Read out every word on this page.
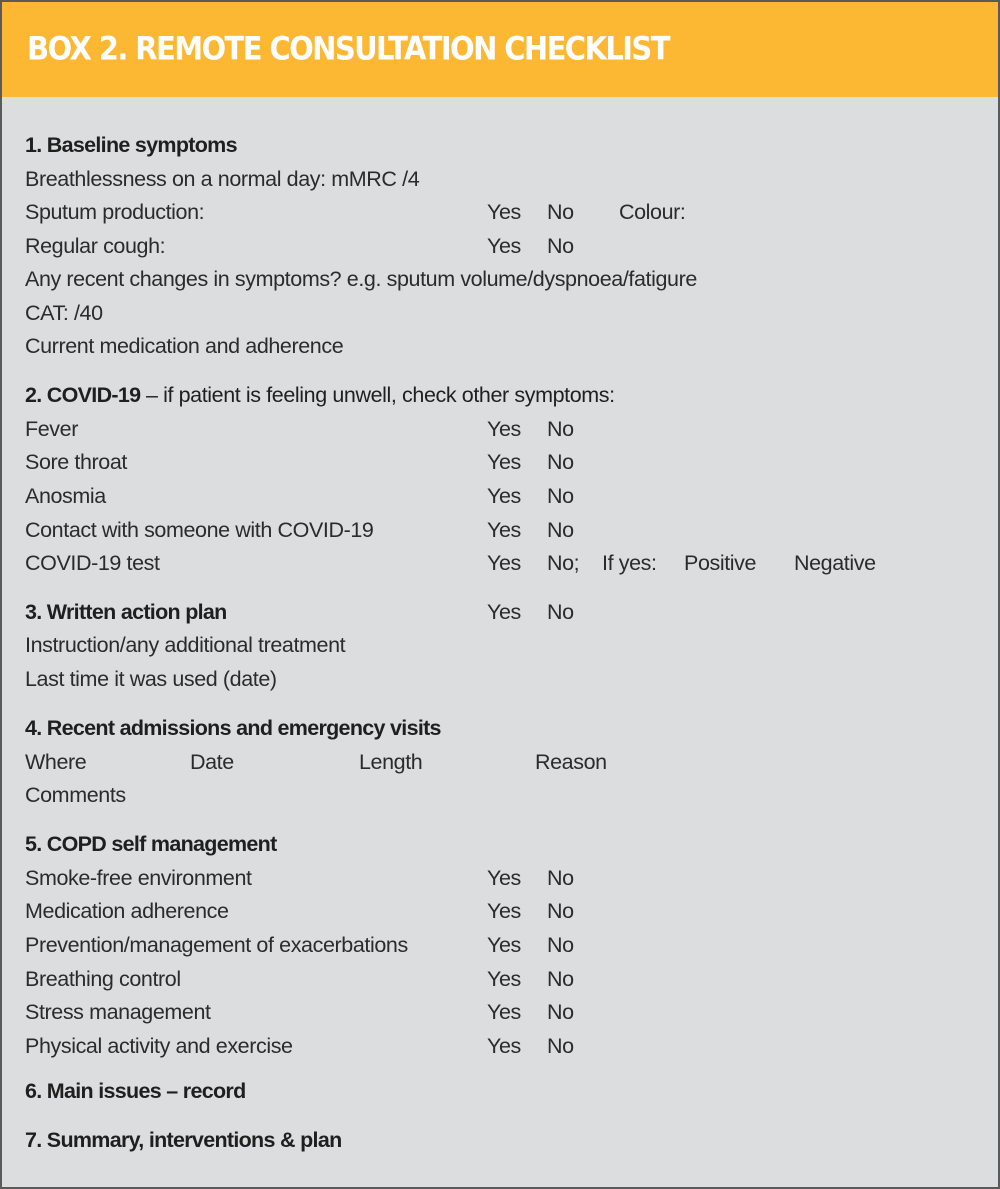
BOX 2. REMOTE CONSULTATION CHECKLIST
1. Baseline symptoms
Breathlessness on a normal day: mMRC /4
Sputum production:	Yes No Colour:
Regular cough:	Yes No
Any recent changes in symptoms? e.g. sputum volume/dyspnoea/fatigure
CAT: /40
Current medication and adherence
2. COVID-19 – if patient is feeling unwell, check other symptoms:
Fever	Yes No
Sore throat	Yes No
Anosmia	Yes No
Contact with someone with COVID-19	Yes No
COVID-19 test	Yes No; If yes: Positive Negative
3. Written action plan	Yes No
Instruction/any additional treatment
Last time it was used (date)
4. Recent admissions and emergency visits
Where	Date	Length	Reason
Comments
5. COPD self management
Smoke-free environment	Yes No
Medication adherence	Yes No
Prevention/management of exacerbations	Yes No
Breathing control	Yes No
Stress management	Yes No
Physical activity and exercise	Yes No
6. Main issues – record
7. Summary, interventions & plan
